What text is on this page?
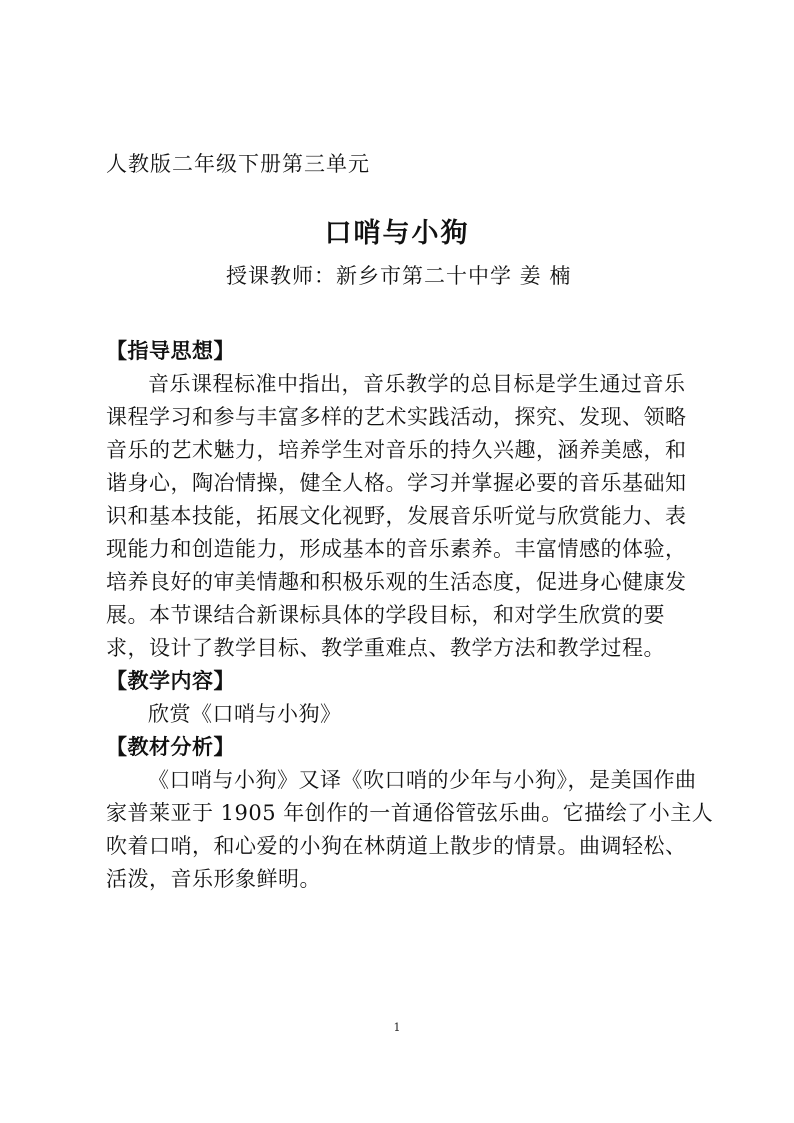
人教版二年级下册第三单元
口哨与小狗
授课教师：新乡市第二十中学 姜 楠
【指导思想】
音乐课程标准中指出，音乐教学的总目标是学生通过音乐
课程学习和参与丰富多样的艺术实践活动，探究、发现、领略
音乐的艺术魅力，培养学生对音乐的持久兴趣，涵养美感，和
谐身心，陶冶情操，健全人格。学习并掌握必要的音乐基础知
识和基本技能，拓展文化视野，发展音乐听觉与欣赏能力、表
现能力和创造能力，形成基本的音乐素养。丰富情感的体验，
培养良好的审美情趣和积极乐观的生活态度，促进身心健康发
展。本节课结合新课标具体的学段目标，和对学生欣赏的要
求，设计了教学目标、教学重难点、教学方法和教学过程。
【教学内容】
欣赏《口哨与小狗》
【教材分析】
《口哨与小狗》又译《吹口哨的少年与小狗》，是美国作曲
家普莱亚于 1905 年创作的一首通俗管弦乐曲。它描绘了小主人
吹着口哨，和心爱的小狗在林荫道上散步的情景。曲调轻松、
活泼，音乐形象鲜明。
1
